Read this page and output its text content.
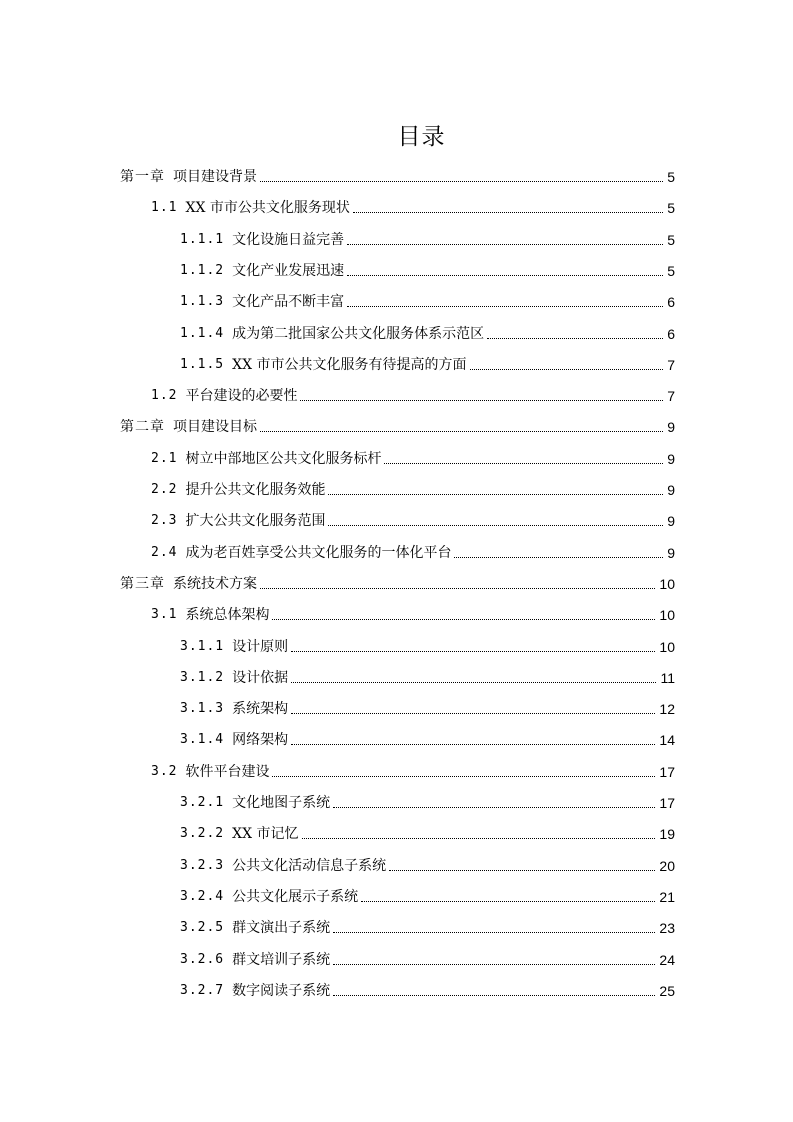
目录
第一章 项目建设背景	5
1.1 XX 市市公共文化服务现状	5
1.1.1 文化设施日益完善	5
1.1.2 文化产业发展迅速	5
1.1.3 文化产品不断丰富	6
1.1.4 成为第二批国家公共文化服务体系示范区	6
1.1.5 XX 市市公共文化服务有待提高的方面	7
1.2 平台建设的必要性	7
第二章 项目建设目标	9
2.1 树立中部地区公共文化服务标杆	9
2.2 提升公共文化服务效能	9
2.3 扩大公共文化服务范围	9
2.4 成为老百姓享受公共文化服务的一体化平台	9
第三章 系统技术方案	10
3.1 系统总体架构	10
3.1.1 设计原则	10
3.1.2 设计依据	11
3.1.3 系统架构	12
3.1.4 网络架构	14
3.2 软件平台建设	17
3.2.1 文化地图子系统	17
3.2.2 XX 市记忆	19
3.2.3 公共文化活动信息子系统	20
3.2.4 公共文化展示子系统	21
3.2.5 群文演出子系统	23
3.2.6 群文培训子系统	24
3.2.7 数字阅读子系统	25
